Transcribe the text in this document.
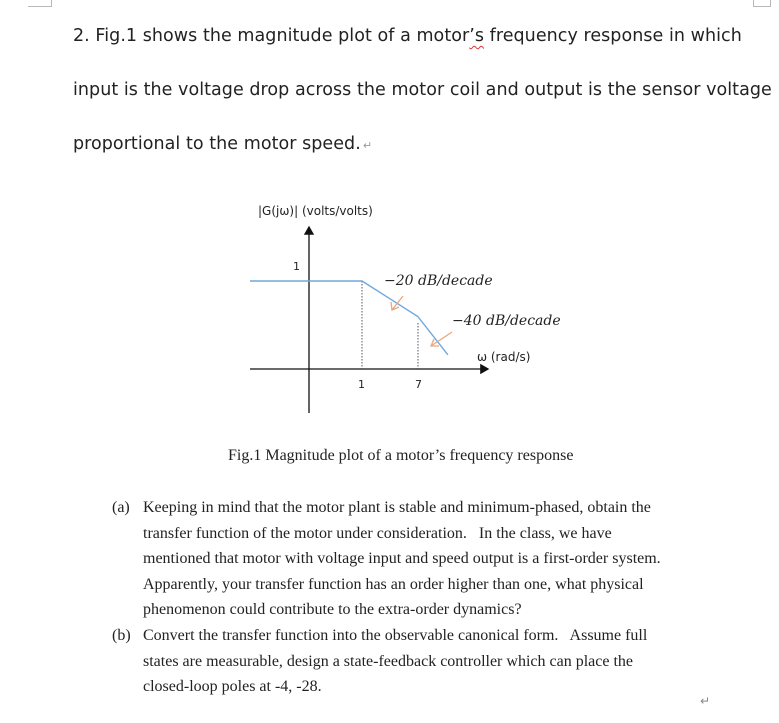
2. Fig.1 shows the magnitude plot of a motor’s frequency response in which
input is the voltage drop across the motor coil and output is the sensor voltage
proportional to the motor speed. ↵
|G(jω)| (volts/volts)
1
1	7
−20 dB/decade
−40 dB/decade
ω (rad/s)
Fig.1 Magnitude plot of a motor’s frequency response
(a) Keeping in mind that the motor plant is stable and minimum-phased, obtain the
transfer function of the motor under consideration.   In the class, we have
mentioned that motor with voltage input and speed output is a first-order system.
Apparently, your transfer function has an order higher than one, what physical
phenomenon could contribute to the extra-order dynamics?
(b) Convert the transfer function into the observable canonical form.   Assume full
states are measurable, design a state-feedback controller which can place the
closed-loop poles at -4, -28.
↵
